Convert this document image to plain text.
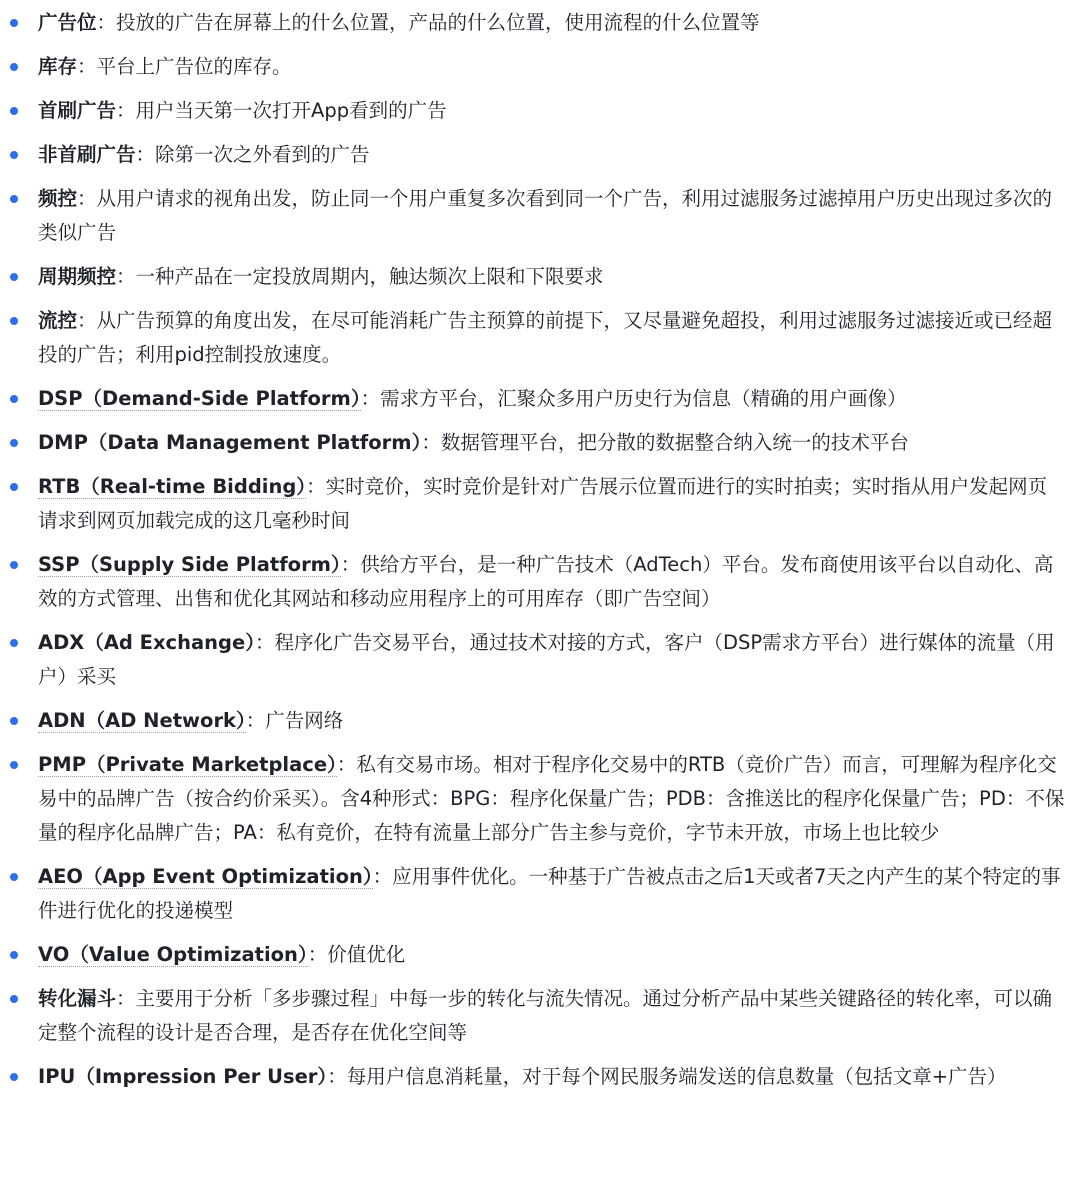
广告位：投放的广告在屏幕上的什么位置，产品的什么位置，使用流程的什么位置等
库存：平台上广告位的库存。
首刷广告：用户当天第一次打开App看到的广告
非首刷广告：除第一次之外看到的广告
频控：从用户请求的视角出发，防止同一个用户重复多次看到同一个广告，利用过滤服务过滤掉用户历史出现过多次的类似广告
周期频控：一种产品在一定投放周期内，触达频次上限和下限要求
流控：从广告预算的角度出发，在尽可能消耗广告主预算的前提下，又尽量避免超投，利用过滤服务过滤接近或已经超投的广告；利用pid控制投放速度。
DSP（Demand-Side Platform）：需求方平台，汇聚众多用户历史行为信息（精确的用户画像）
DMP（Data Management Platform）：数据管理平台，把分散的数据整合纳入统一的技术平台
RTB（Real-time Bidding）：实时竞价，实时竞价是针对广告展示位置而进行的实时拍卖；实时指从用户发起网页请求到网页加载完成的这几毫秒时间
SSP（Supply Side Platform）：供给方平台，是一种广告技术（AdTech）平台。发布商使用该平台以自动化、高效的方式管理、出售和优化其网站和移动应用程序上的可用库存（即广告空间）
ADX（Ad Exchange）：程序化广告交易平台，通过技术对接的方式，客户（DSP需求方平台）进行媒体的流量（用户）采买
ADN（AD Network）：广告网络
PMP（Private Marketplace）：私有交易市场。相对于程序化交易中的RTB（竞价广告）而言，可理解为程序化交易中的品牌广告（按合约价采买）。含4种形式：BPG：程序化保量广告；PDB：含推送比的程序化保量广告；PD：不保量的程序化品牌广告；PA：私有竞价，在特有流量上部分广告主参与竞价，字节未开放，市场上也比较少
AEO（App Event Optimization）：应用事件优化。一种基于广告被点击之后1天或者7天之内产生的某个特定的事件进行优化的投递模型
VO（Value Optimization）：价值优化
转化漏斗：主要用于分析「多步骤过程」中每一步的转化与流失情况。通过分析产品中某些关键路径的转化率，可以确定整个流程的设计是否合理，是否存在优化空间等
IPU（Impression Per User）：每用户信息消耗量，对于每个网民服务端发送的信息数量（包括文章+广告）
